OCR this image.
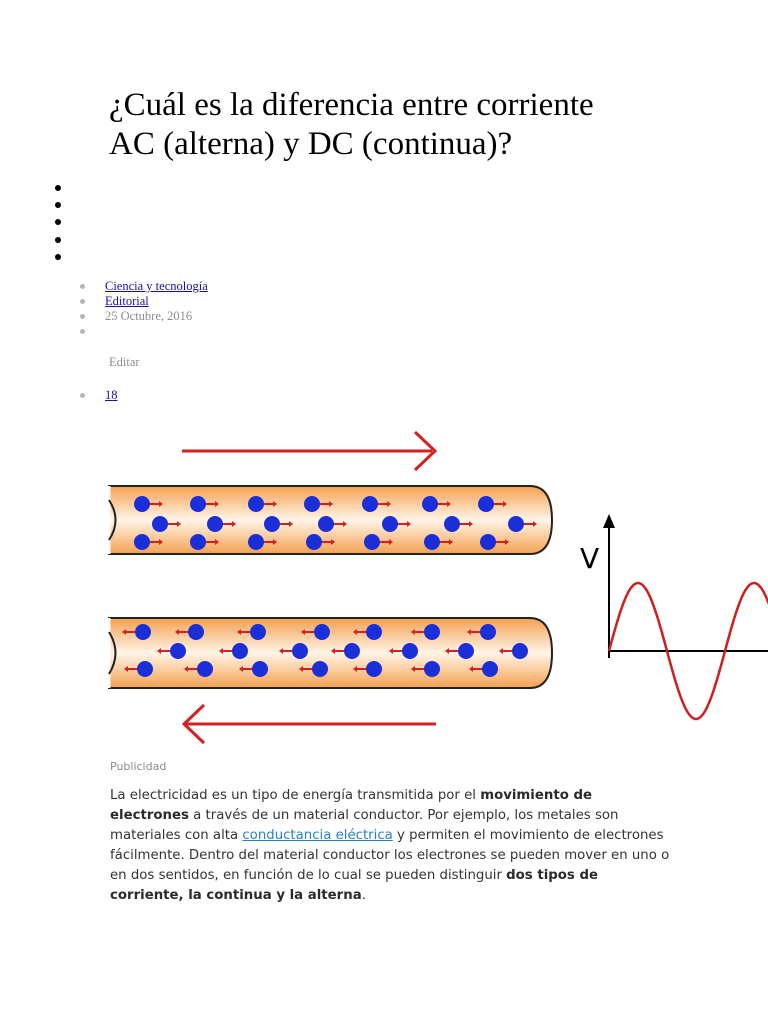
¿Cuál es la diferencia entre corriente
AC (alterna) y DC (continua)?
Ciencia y tecnología
Editorial
25 Octubre, 2016
Editar
18
V
Publicidad

La electricidad es un tipo de energía transmitida por el movimiento de electrones a través de un material conductor. Por ejemplo, los metales son materiales con alta conductancia eléctrica y permiten el movimiento de electrones fácilmente. Dentro del material conductor los electrones se pueden mover en uno o en dos sentidos, en función de lo cual se pueden distinguir dos tipos de corriente, la continua y la alterna.
